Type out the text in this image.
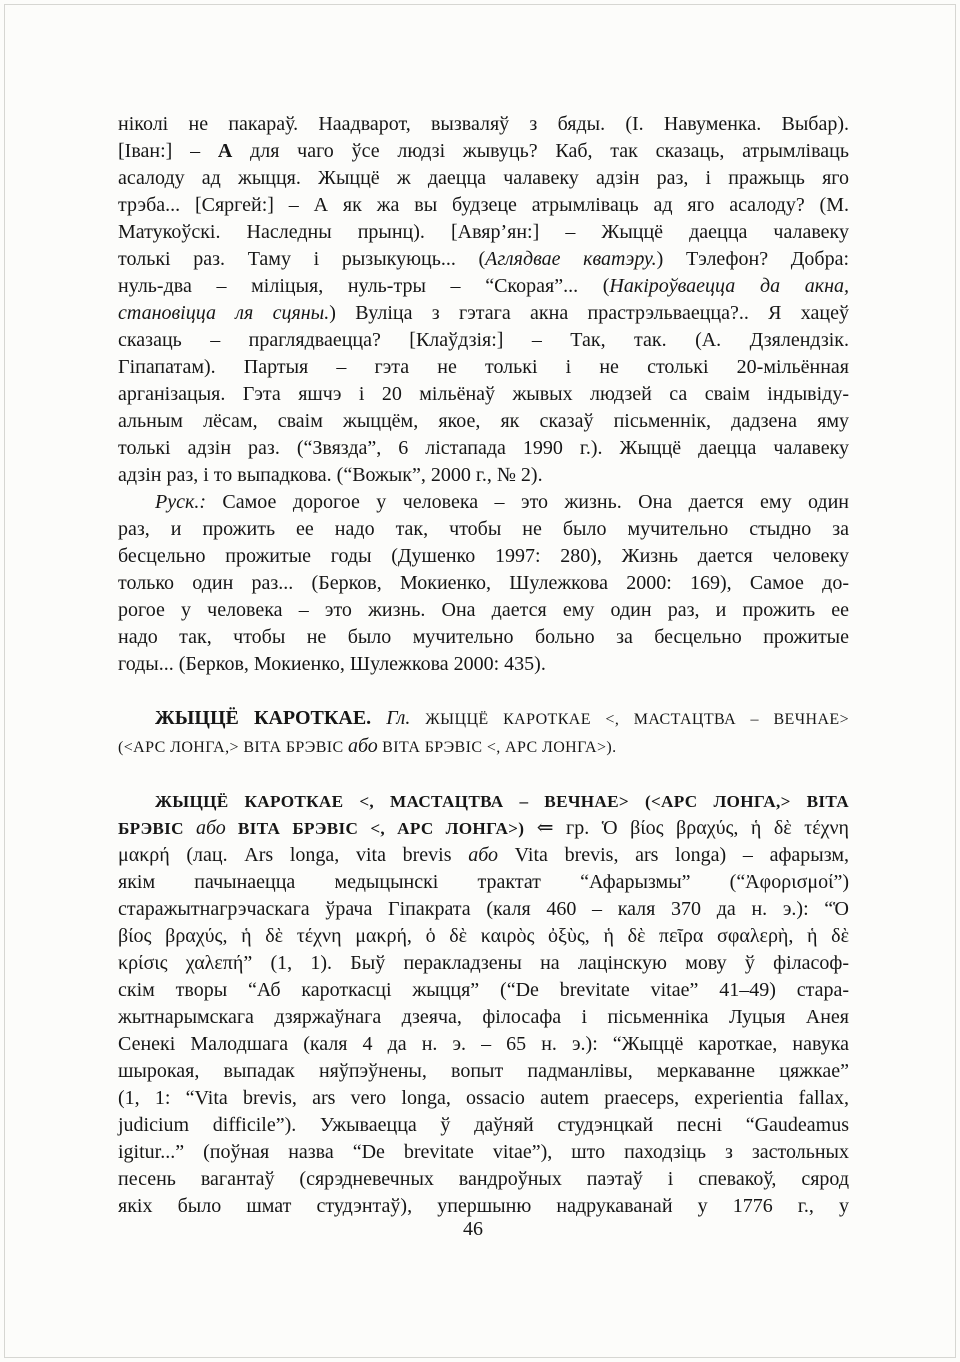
ніколі не пакараў. Наадварот, вызваляў з бяды. (І. Навуменка. Выбар).
[Іван:] – А для чаго ўсе людзі жывуць? Каб, так сказаць, атрымліваць
асалоду ад жыцця. Жыццё ж даецца чалавеку адзін раз, і пражыць яго
трэба... [Сяргей:] – А як жа вы будзеце атрымліваць ад яго асалоду? (М.
Матукоўскі. Наследны прынц). [Авяр’ян:] – Жыццё даецца чалавеку
толькі раз. Таму і рызыкуюць... (Аглядвае кватэру.) Тэлефон? Добра:
нуль-два – міліцыя, нуль-тры – “Скорая”... (Накіроўваецца да акна,
становіцца ля сцяны.) Вуліца з гэтага акна прастрэльваецца?.. Я хацеў
сказаць – праглядваецца? [Клаўдзія:] – Так, так. (А. Дзялендзік.
Гіпапатам). Партыя – гэта не толькі і не столькі 20-мільённая
арганізацыя. Гэта яшчэ і 20 мільёнаў жывых людзей са сваім індывіду-
альным лёсам, сваім жыццём, якое, як сказаў пісьменнік, дадзена яму
толькі адзін раз. (“Звязда”, 6 лістапада 1990 г.). Жыццё даецца чалавеку
адзін раз, і то выпадкова. (“Вожык”, 2000 г., № 2).
Руск.: Самое дорогое у человека – это жизнь. Она дается ему один
раз, и прожить ее надо так, чтобы не было мучительно стыдно за
бесцельно прожитые годы (Душенко 1997: 280), Жизнь дается человеку
только один раз... (Берков, Мокиенко, Шулежкова 2000: 169), Самое до-
рогое у человека – это жизнь. Она дается ему один раз, и прожить ее
надо так, чтобы не было мучительно больно за бесцельно прожитые
годы... (Берков, Мокиенко, Шулежкова 2000: 435).
ЖЫЦЦЁ КАРОТКАЕ. Гл. ЖЫЦЦЁ КАРОТКАЕ <, МАСТАЦТВА – ВЕЧНАЕ>
(<АРС ЛОНГА,> ВІТА БРЭВІС або ВІТА БРЭВІС <, АРС ЛОНГА>).
ЖЫЦЦЁ КАРОТКАЕ <, МАСТАЦТВА – ВЕЧНАЕ> (<АРС ЛОНГА,> ВІТА
БРЭВІС або ВІТА БРЭВІС <, АРС ЛОНГА>) ⇐ гр. Ὁ βίος βραχύς, ἡ δὲ τέχνη
μακρή (лац. Ars longa, vita brevis або Vita brevis, ars longa) – афарызм,
якім пачынаецца медыцынскі трактат “Афарызмы” (“Ἀφορισμοί”)
старажытнагрэчаскага ўрача Гіпакрата (каля 460 – каля 370 да н. э.): “Ὁ
βίος βραχύς, ἡ δὲ τέχνη μακρή, ὁ δὲ καιρὸς ὀξὺς, ἡ δὲ πεῖρα σφαλερὴ, ἡ δὲ
κρίσις χαλεπή” (1, 1). Быў перакладзены на лацінскую мову ў філасоф-
скім творы “Аб кароткасці жыцця” (“De brevitate vitae” 41–49) стара-
жытнарымскага дзяржаўнага дзеяча, філосафа і пісьменніка Луцыя Анея
Сенекі Малодшага (каля 4 да н. э. – 65 н. э.): “Жыццё кароткае, навука
шырокая, выпадак няўпэўнены, вопыт падманлівы, меркаванне цяжкае”
(1, 1: “Vita brevis, ars vero longa, ossacio autem praeceps, experientia fallax,
judicium difficile”). Ужываецца ў даўняй студэнцкай песні “Gaudeamus
igitur...” (поўная назва “De brevitate vitae”), што паходзіць з застольных
песень вагантаў (сярэдневечных вандроўных паэтаў і спевакоў, сярод
якіх было шмат студэнтаў), упершыню надрукаванай у 1776 г., у
46
